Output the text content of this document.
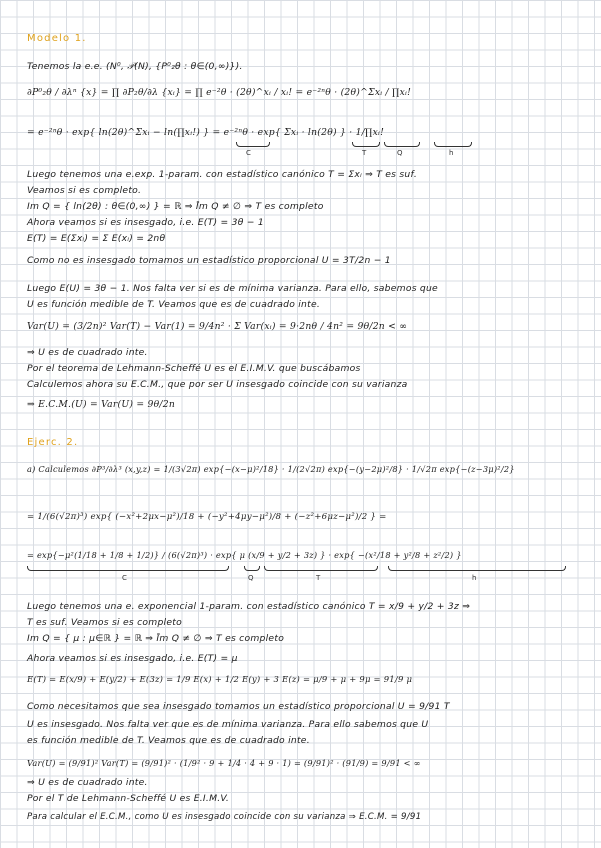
Modelo 1.
Tenemos la e.e. (N⁰, 𝒫(N), {P⁰₂θ : θ∈(0,∞)}).
∂P⁰₂θ / ∂λⁿ {x} = ∏ ∂P₂θ/∂λ {xᵢ} = ∏ e⁻²θ · (2θ)^xᵢ / xᵢ! = e⁻²ⁿθ · (2θ)^Σxᵢ / ∏xᵢ!
= e⁻²ⁿθ · exp{ ln(2θ)^Σxᵢ − ln(∏xᵢ!) } = e⁻²ⁿθ · exp{ Σxᵢ · ln(2θ) } · 1/∏xᵢ!
C	T	Q	h
Luego tenemos una e.exp. 1-param. con estadístico canónico T = Σxᵢ ⇒ T es suf.
Veamos si es completo.
Im Q = { ln(2θ) : θ∈(0,∞) } = ℝ ⇒ I̊m Q ≠ ∅ ⇒ T es completo
Ahora veamos si es insesgado, i.e. E(T) = 3θ − 1
E(T) = E(Σxᵢ) = Σ E(xᵢ) = 2nθ
Como no es insesgado tomamos un estadístico proporcional U = 3T/2n − 1
Luego E(U) = 3θ − 1. Nos falta ver si es de mínima varianza. Para ello, sabemos que
U es función medible de T. Veamos que es de cuadrado inte.
Var(U) = (3/2n)² Var(T) − Var(1) = 9/4n² · Σ Var(xᵢ) = 9·2nθ / 4n² = 9θ/2n < ∞
⇒ U es de cuadrado inte.
Por el teorema de Lehmann-Scheffé U es el E.I.M.V. que buscábamos
Calculemos ahora su E.C.M., que por ser U insesgado coincide con su varianza
⇒ E.C.M.(U) = Var(U) = 9θ/2n
Ejerc. 2.
a) Calculemos ∂P³/∂λ³ (x,y,z) = 1/(3√2π) exp{−(x−μ)²/18} · 1/(2√2π) exp{−(y−2μ)²/8} · 1/√2π exp{−(z−3μ)²/2}
= 1/(6(√2π)³) exp{ (−x²+2μx−μ²)/18 + (−y²+4μy−μ²)/8 + (−z²+6μz−μ²)/2 } =
= exp{−μ²(1/18 + 1/8 + 1/2)} / (6(√2π)³) · exp{ μ (x/9 + y/2 + 3z) } · exp{ −(x²/18 + y²/8 + z²/2) }
C	Q	T	h
Luego tenemos una e. exponencial 1-param. con estadístico canónico T = x/9 + y/2 + 3z ⇒
T es suf. Veamos si es completo
Im Q = { μ : μ∈ℝ } = ℝ ⇒ I̊m Q ≠ ∅ ⇒ T es completo
Ahora veamos si es insesgado, i.e. E(T) = μ
E(T) = E(x/9) + E(y/2) + E(3z) = 1/9 E(x) + 1/2 E(y) + 3 E(z) = μ/9 + μ + 9μ = 91/9 μ
Como necesitamos que sea insesgado tomamos un estadístico proporcional U = 9/91 T
U es insesgado. Nos falta ver que es de mínima varianza. Para ello sabemos que U
es función medible de T. Veamos que es de cuadrado inte.
Var(U) = (9/91)² Var(T) = (9/91)² · (1/9² · 9 + 1/4 · 4 + 9 · 1) = (9/91)² · (91/9) = 9/91 < ∞
⇒ U es de cuadrado inte.
Por el T de Lehmann-Scheffé U es E.I.M.V.
Para calcular el E.C.M., como U es insesgado coincide con su varianza ⇒ E.C.M. = 9/91
